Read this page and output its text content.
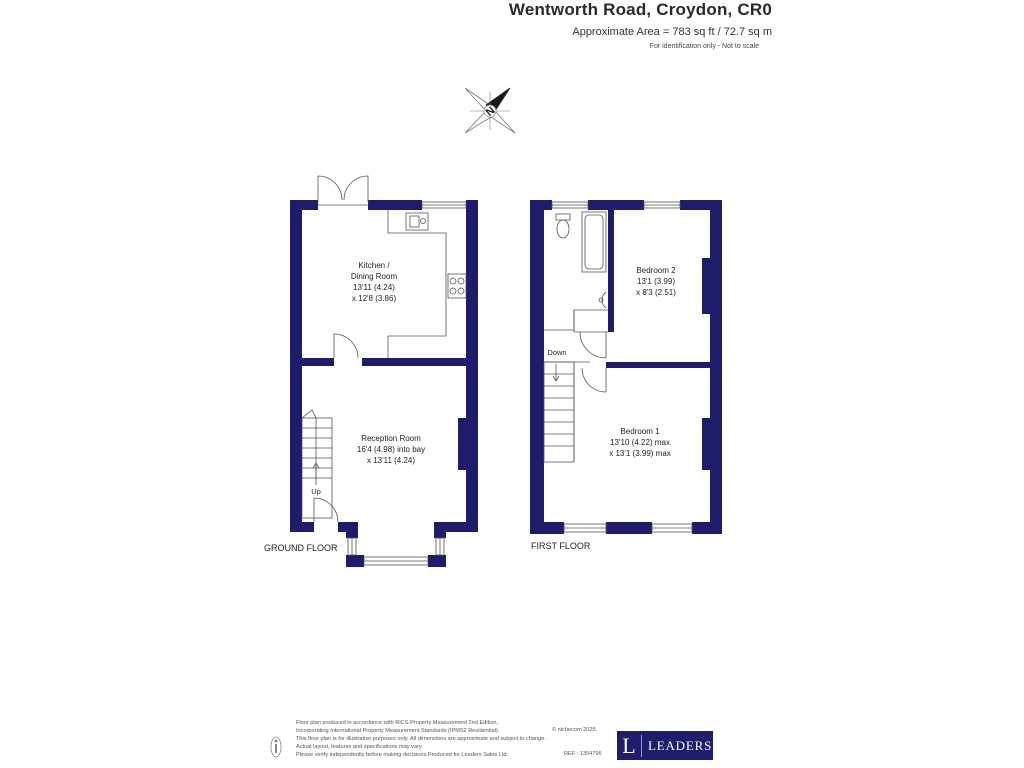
Wentworth Road, Croydon, CR0
Approximate Area = 783 sq ft / 72.7 sq m
For identification only - Not to scale
N
Kitchen /
Dining Room
13'11 (4.24)
x 12'8 (3.86)
Reception Room
16'4 (4.98) into bay
x 13'11 (4.24)
Up
GROUND FLOOR
Bedroom 2
13'1 (3.99)
x 8'3 (2.51)
Bedroom 1
13'10 (4.22) max
x 13'1 (3.99) max
Down
FIRST FLOOR
Floor plan produced in accordance with RICS Property Measurement 2nd Edition,
Incorporating International Property Measurement Standards (IPMS2 Residential).
This floor plan is for illustrative purposes only. All dimensions are approximate and subject to change.
Actual layout, features and specifications may vary.
Please verify independently before making decisions.Produced for Leaders Sales Ltd.
© nichecom 2025.
REF : 1354796 L LEADERS
